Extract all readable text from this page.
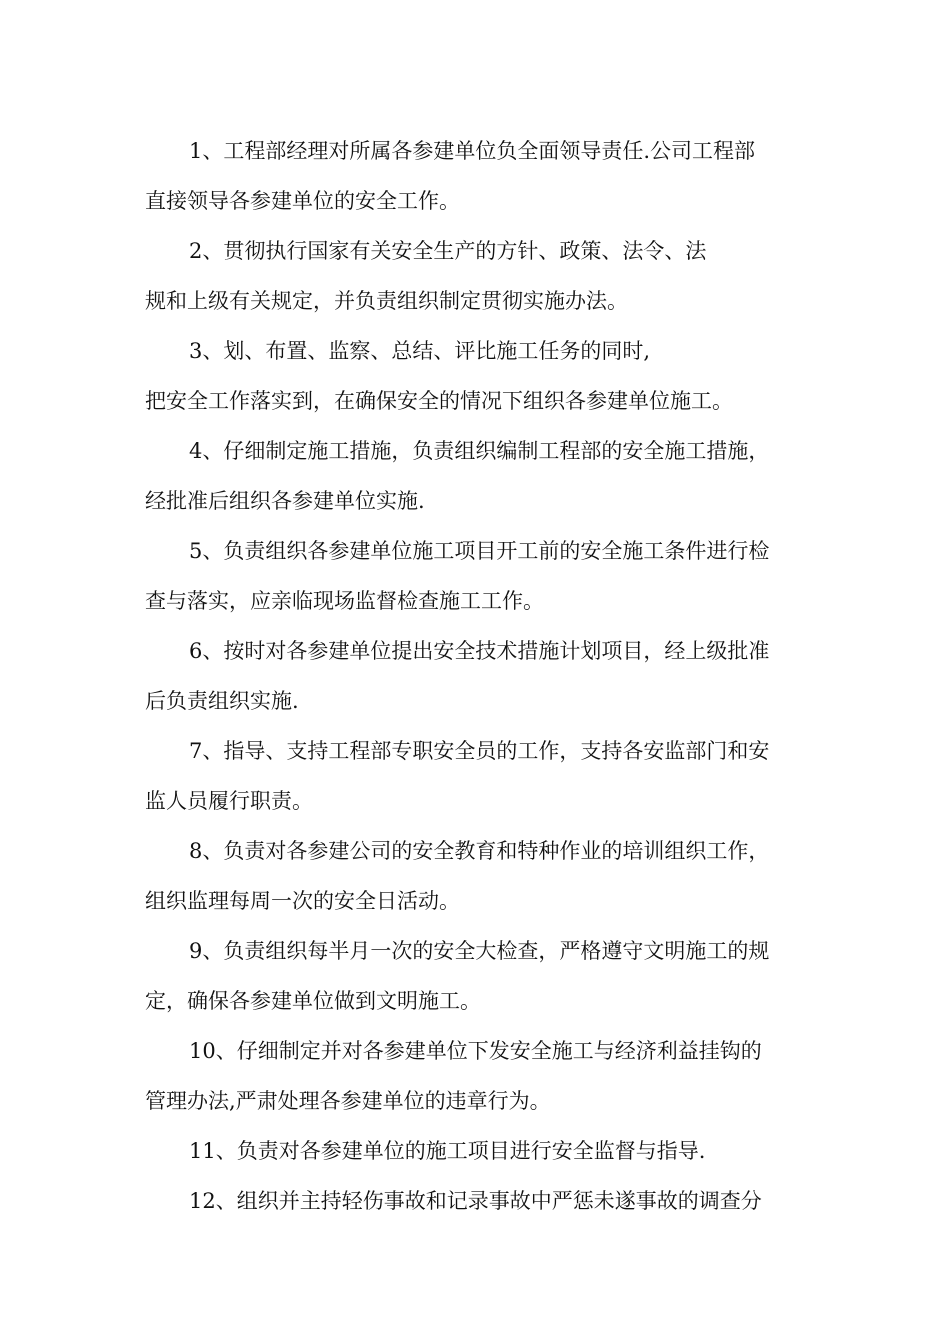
1、工程部经理对所属各参建单位负全面领导责任.公司工程部

直接领导各参建单位的安全工作。

2、贯彻执行国家有关安全生产的方针、政策、法令、法

规和上级有关规定，并负责组织制定贯彻实施办法。

3、划、布置、监察、总结、评比施工任务的同时,

把安全工作落实到，在确保安全的情况下组织各参建单位施工。

4、仔细制定施工措施，负责组织编制工程部的安全施工措施，

经批准后组织各参建单位实施.

5、负责组织各参建单位施工项目开工前的安全施工条件进行检

查与落实，应亲临现场监督检查施工工作。

6、按时对各参建单位提出安全技术措施计划项目，经上级批准

后负责组织实施.

7、指导、支持工程部专职安全员的工作，支持各安监部门和安

监人员履行职责。

8、负责对各参建公司的安全教育和特种作业的培训组织工作，

组织监理每周一次的安全日活动。

9、负责组织每半月一次的安全大检查，严格遵守文明施工的规

定，确保各参建单位做到文明施工。

10、仔细制定并对各参建单位下发安全施工与经济利益挂钩的

管理办法,严肃处理各参建单位的违章行为。

11、负责对各参建单位的施工项目进行安全监督与指导.

12、组织并主持轻伤事故和记录事故中严惩未遂事故的调查分
